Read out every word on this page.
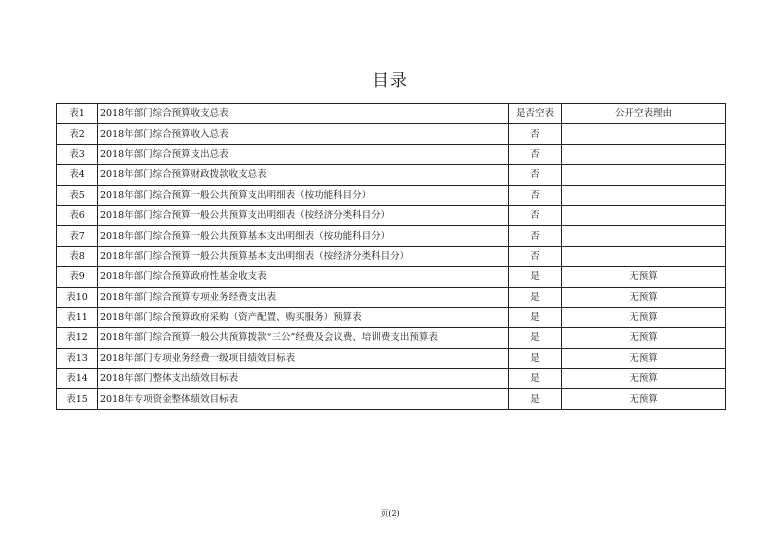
目录
表1	2018年部门综合预算收支总表	是否空表	公开空表理由
表2	2018年部门综合预算收入总表	否	
表3	2018年部门综合预算支出总表	否	
表4	2018年部门综合预算财政拨款收支总表	否	
表5	2018年部门综合预算一般公共预算支出明细表（按功能科目分）	否	
表6	2018年部门综合预算一般公共预算支出明细表（按经济分类科目分）	否	
表7	2018年部门综合预算一般公共预算基本支出明细表（按功能科目分）	否	
表8	2018年部门综合预算一般公共预算基本支出明细表（按经济分类科目分）	否	
表9	2018年部门综合预算政府性基金收支表	是	无预算
表10	2018年部门综合预算专项业务经费支出表	是	无预算
表11	2018年部门综合预算政府采购（资产配置、购买服务）预算表	是	无预算
表12	2018年部门综合预算一般公共预算拨款“三公”经费及会议费、培训费支出预算表	是	无预算
表13	2018年部门专项业务经费一级项目绩效目标表	是	无预算
表14	2018年部门整体支出绩效目标表	是	无预算
表15	2018年专项资金整体绩效目标表	是	无预算
页(2)
